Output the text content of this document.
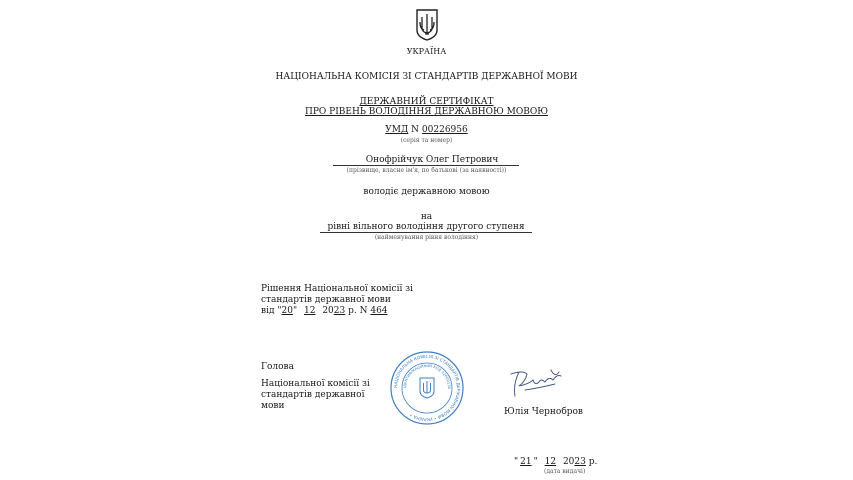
УКРАЇНА
НАЦІОНАЛЬНА КОМІСІЯ ЗІ СТАНДАРТІВ ДЕРЖАВНОЇ МОВИ
ДЕРЖАВНИЙ СЕРТИФІКАТ
ПРО РІВЕНЬ ВОЛОДІННЯ ДЕРЖАВНОЮ МОВОЮ
УМД N 00226956
(серія та номер)
Онофрійчук Олег Петрович
(прізвище, власне ім'я, по батькові (за наявності))
володіє державною мовою
на
рівні вільного володіння другого ступеня
(найменування рівня володіння)
Рішення Національної комісії зі
стандартів державної мови
від "20" 12 2023 р. N 464
Голова
Національної комісії зі
стандартів державної
мови
НАЦІОНАЛЬНА КОМІСІЯ ЗІ СТАНДАРТІВ ДЕРЖАВНОЇ МОВИ • УКРАЇНА •
ІДЕНТИФІКАЦІЙНИЙ КОД 42600136
Юлія Чернобров
" 21 " 12 2023 р.
(дата видачі)
